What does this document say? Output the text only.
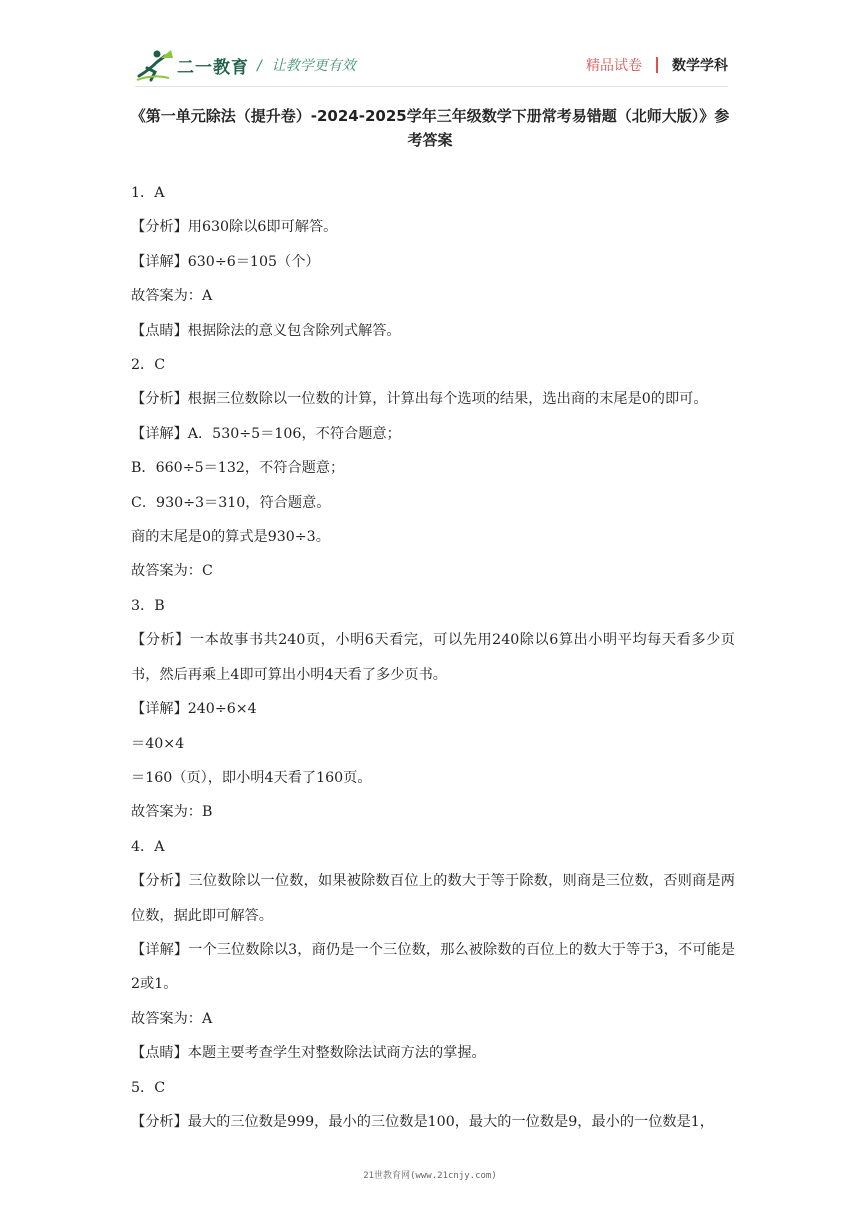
二一教育 / 让教学更有效	精品试卷 数学学科
《第一单元除法（提升卷）-2024-2025学年三年级数学下册常考易错题（北师大版）》参考答案

1．A

【分析】用630除以6即可解答。

【详解】630÷6＝105（个）

故答案为：A

【点睛】根据除法的意义包含除列式解答。

2．C

【分析】根据三位数除以一位数的计算，计算出每个选项的结果，选出商的末尾是0的即可。

【详解】A．530÷5＝106，不符合题意；

B．660÷5＝132，不符合题意；

C．930÷3＝310，符合题意。

商的末尾是0的算式是930÷3。

故答案为：C

3．B

【分析】一本故事书共240页，小明6天看完，可以先用240除以6算出小明平均每天看多少页书，然后再乘上4即可算出小明4天看了多少页书。

【详解】240÷6×4

＝40×4

＝160（页），即小明4天看了160页。

故答案为：B

4．A

【分析】三位数除以一位数，如果被除数百位上的数大于等于除数，则商是三位数，否则商是两位数，据此即可解答。

【详解】一个三位数除以3，商仍是一个三位数，那么被除数的百位上的数大于等于3，不可能是2或1。

故答案为：A

【点睛】本题主要考查学生对整数除法试商方法的掌握。

5．C

【分析】最大的三位数是999，最小的三位数是100，最大的一位数是9，最小的一位数是1，

21世教育网(www.21cnjy.com)
